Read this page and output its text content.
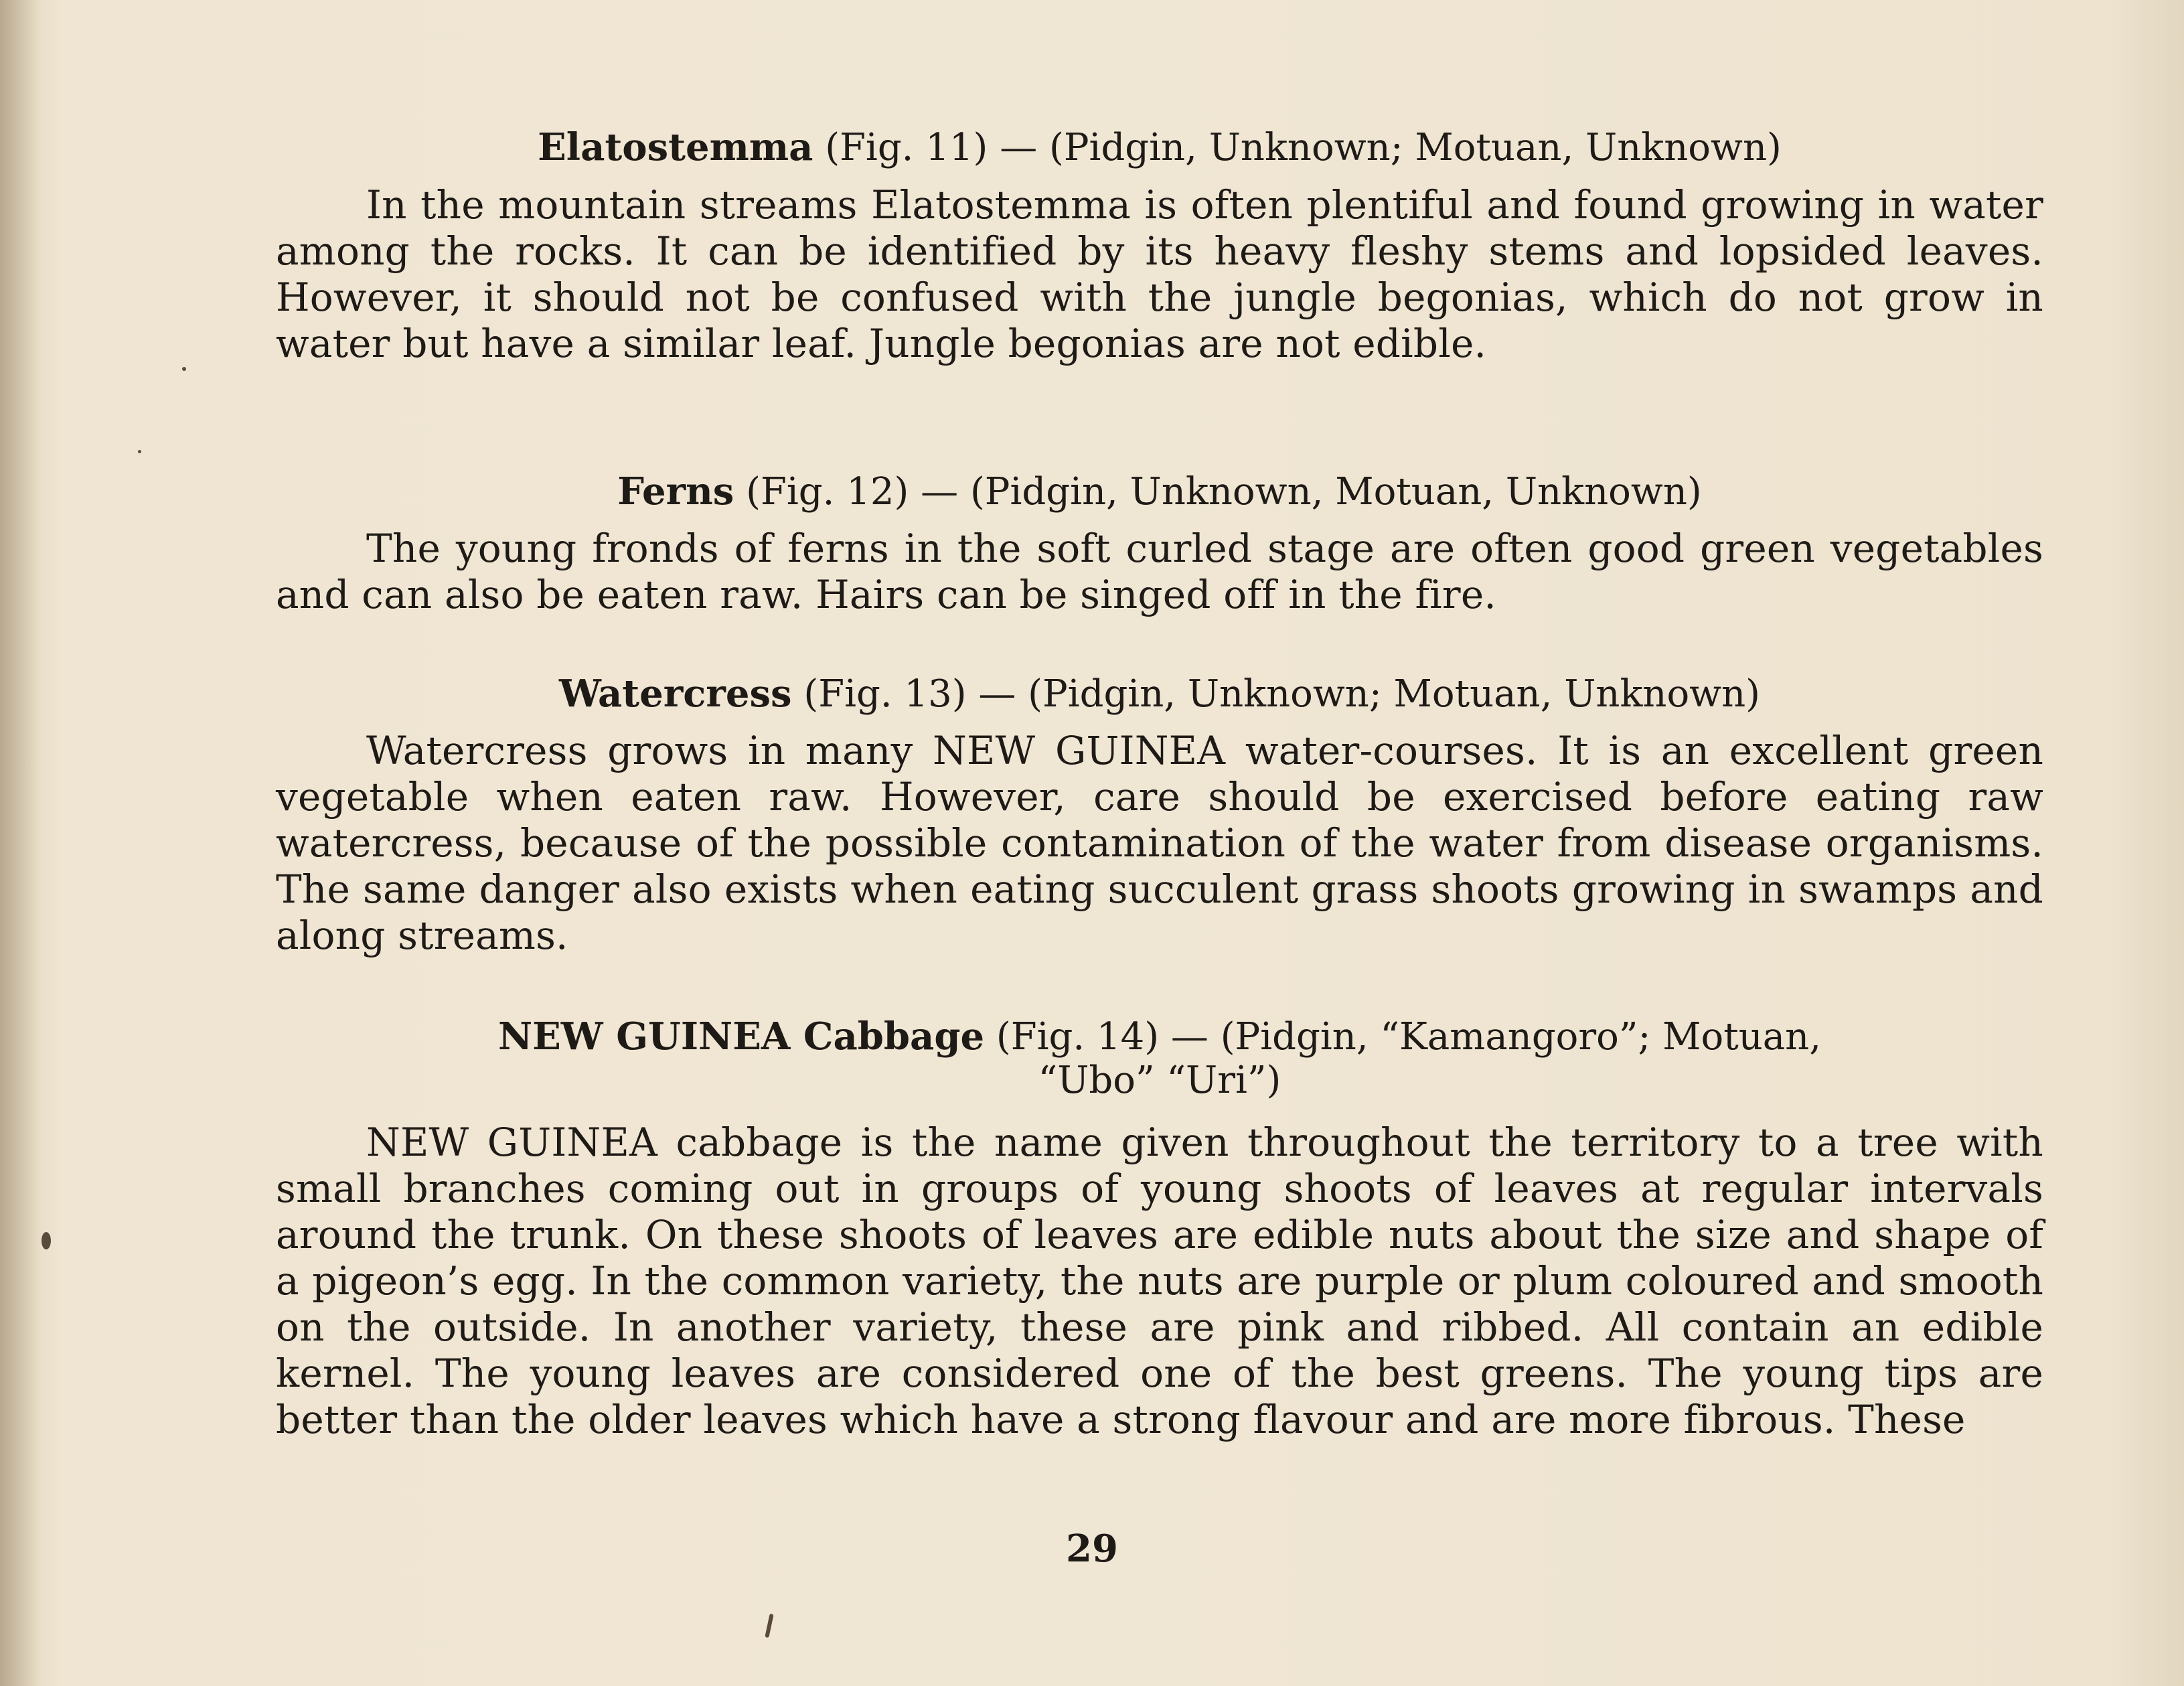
Elatostemma (Fig. 11) — (Pidgin, Unknown; Motuan, Unknown)
In the mountain streams Elatostemma is often plentiful and found growing in water among the rocks. It can be identified by its heavy fleshy stems and lopsided leaves. However, it should not be confused with the jungle begonias, which do not grow in water but have a similar leaf. Jungle begonias are not edible.
Ferns (Fig. 12) — (Pidgin, Unknown, Motuan, Unknown)
The young fronds of ferns in the soft curled stage are often good green vegetables and can also be eaten raw. Hairs can be singed off in the fire.
Watercress (Fig. 13) — (Pidgin, Unknown; Motuan, Unknown)
Watercress grows in many NEW GUINEA water-courses. It is an excellent green vegetable when eaten raw. However, care should be exercised before eating raw watercress, because of the possible contamination of the water from disease organisms. The same danger also exists when eating succulent grass shoots growing in swamps and along streams.
NEW GUINEA Cabbage (Fig. 14) — (Pidgin, “Kamangoro”; Motuan,
“Ubo” “Uri”)
NEW GUINEA cabbage is the name given throughout the territory to a tree with small branches coming out in groups of young shoots of leaves at regular intervals around the trunk. On these shoots of leaves are edible nuts about the size and shape of a pigeon’s egg. In the common variety, the nuts are purple or plum coloured and smooth on the outside. In another variety, these are pink and ribbed. All contain an edible kernel. The young leaves are considered one of the best greens. The young tips are better than the older leaves which have a strong flavour and are more fibrous. These
29
